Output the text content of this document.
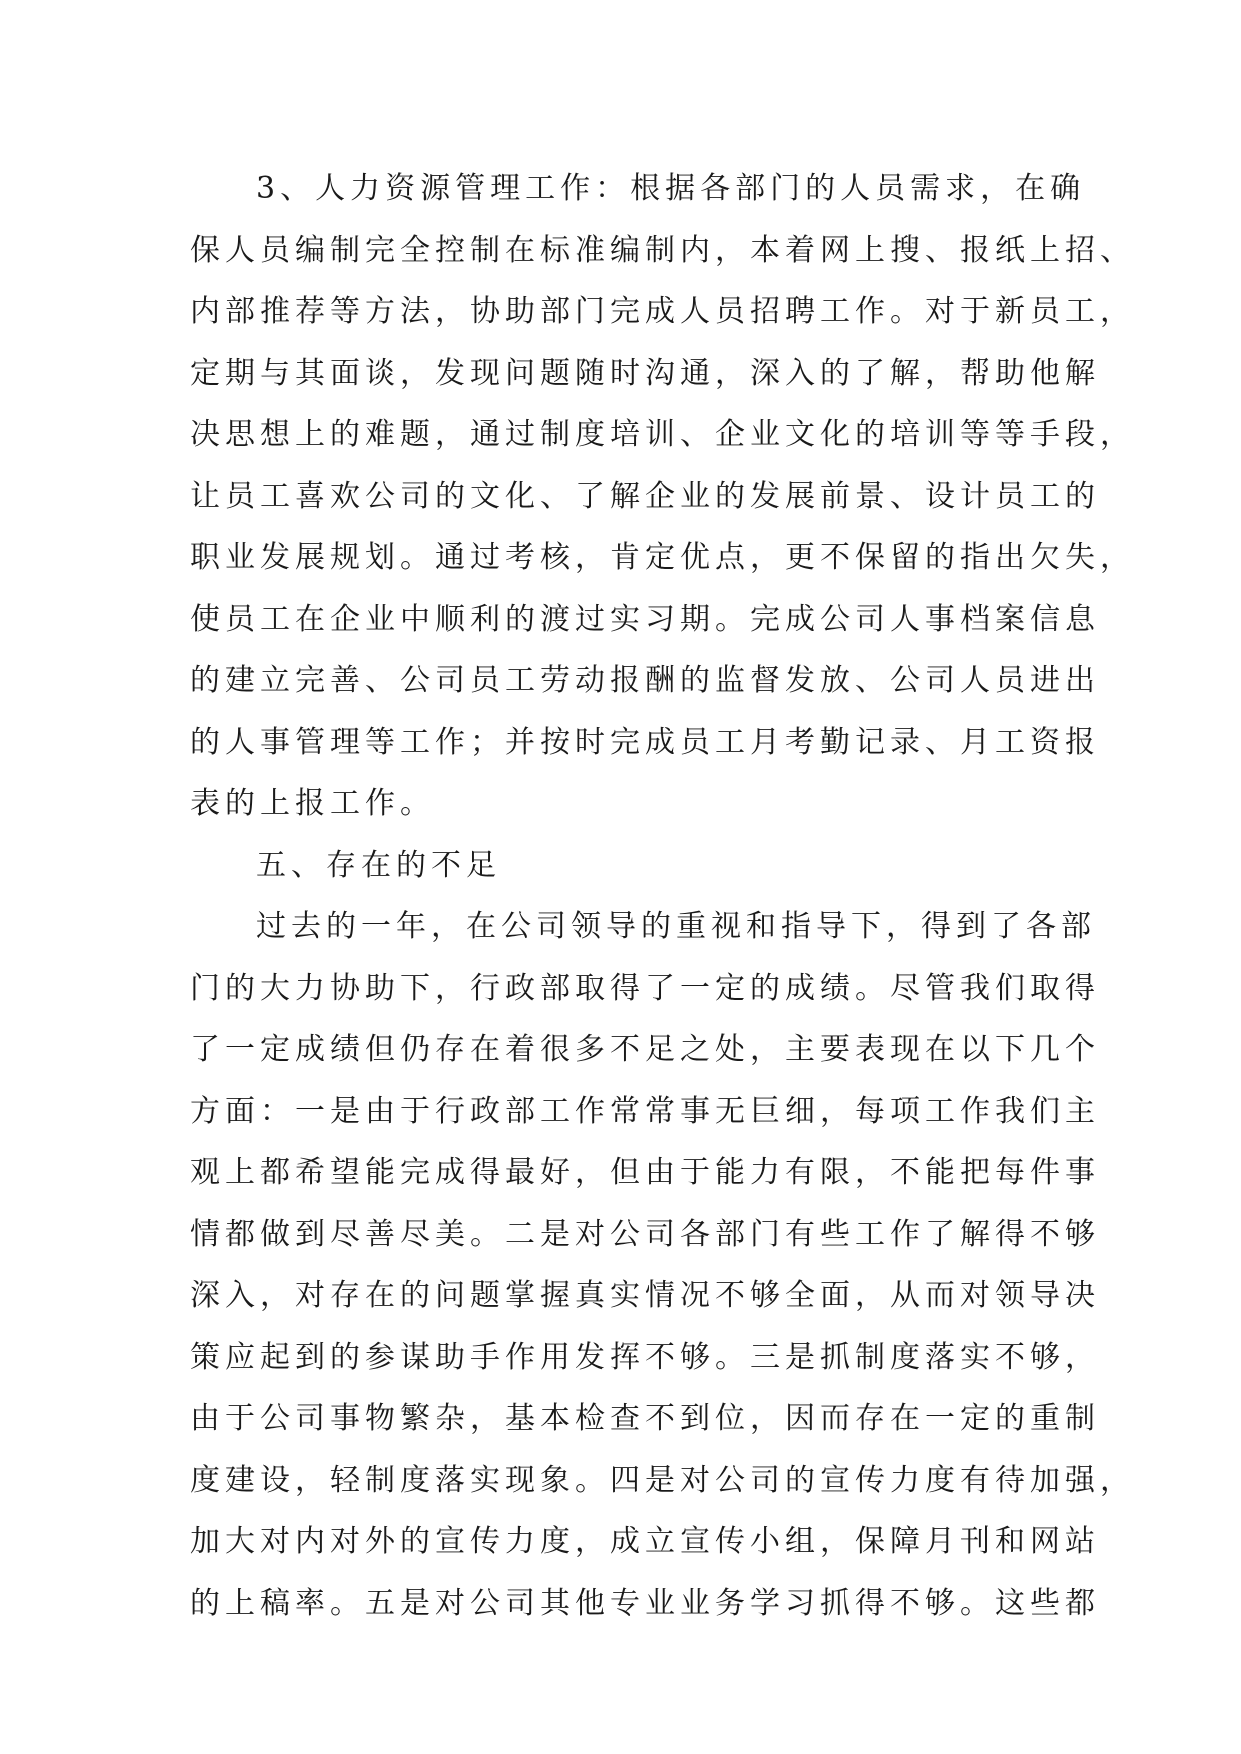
3、人力资源管理工作：根据各部门的人员需求，在确
保人员编制完全控制在标准编制内，本着网上搜、报纸上招、
内部推荐等方法，协助部门完成人员招聘工作。对于新员工，
定期与其面谈，发现问题随时沟通，深入的了解，帮助他解
决思想上的难题，通过制度培训、企业文化的培训等等手段，
让员工喜欢公司的文化、了解企业的发展前景、设计员工的
职业发展规划。通过考核，肯定优点，更不保留的指出欠失，
使员工在企业中顺利的渡过实习期。完成公司人事档案信息
的建立完善、公司员工劳动报酬的监督发放、公司人员进出
的人事管理等工作；并按时完成员工月考勤记录、月工资报
表的上报工作。
五、存在的不足
过去的一年，在公司领导的重视和指导下，得到了各部
门的大力协助下，行政部取得了一定的成绩。尽管我们取得
了一定成绩但仍存在着很多不足之处，主要表现在以下几个
方面：一是由于行政部工作常常事无巨细，每项工作我们主
观上都希望能完成得最好，但由于能力有限，不能把每件事
情都做到尽善尽美。二是对公司各部门有些工作了解得不够
深入，对存在的问题掌握真实情况不够全面，从而对领导决
策应起到的参谋助手作用发挥不够。三是抓制度落实不够，
由于公司事物繁杂，基本检查不到位，因而存在一定的重制
度建设，轻制度落实现象。四是对公司的宣传力度有待加强，
加大对内对外的宣传力度，成立宣传小组，保障月刊和网站
的上稿率。五是对公司其他专业业务学习抓得不够。这些都
